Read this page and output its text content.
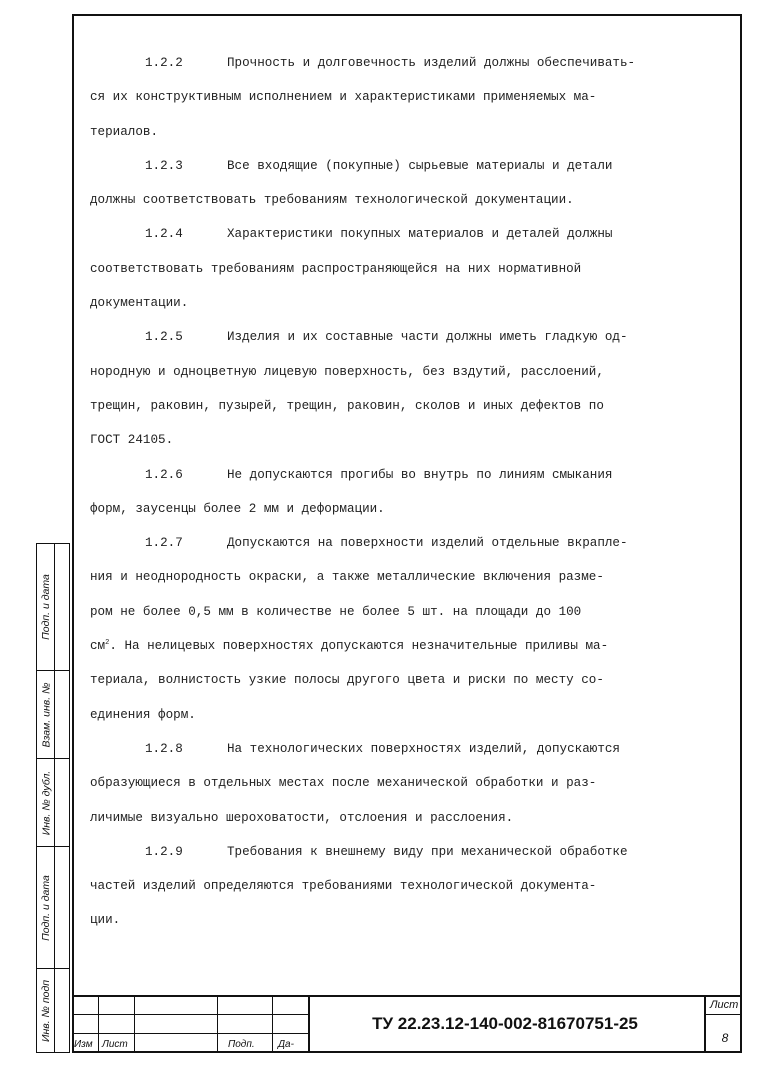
1.2.2	Прочность и долговечность изделий должны обеспечивать-
ся их конструктивным исполнением и характеристиками применяемых ма-
териалов.

1.2.3	Все входящие (покупные) сырьевые материалы и детали
должны соответствовать требованиям технологической документации.

1.2.4	Характеристики покупных материалов и деталей должны
соответствовать требованиям распространяющейся на них нормативной
документации.

1.2.5	Изделия и их составные части должны иметь гладкую од-
нородную и одноцветную лицевую поверхность, без вздутий, расслоений,
трещин, раковин, пузырей, трещин, раковин, сколов и иных дефектов по
ГОСТ 24105.

1.2.6	Не допускаются прогибы во внутрь по линиям смыкания
форм, заусенцы более 2 мм и деформации.

1.2.7	Допускаются на поверхности изделий отдельные вкрапле-
ния и неоднородность окраски, а также металлические включения разме-
ром не более 0,5 мм в количестве не более 5 шт. на площади до 100
$см^2$. На нелицевых поверхностях допускаются незначительные приливы ма-
териала, волнистость узкие полосы другого цвета и риски по месту со-
единения форм.

1.2.8	На технологических поверхностях изделий, допускаются
образующиеся в отдельных местах после механической обработки и раз-
личимые визуально шероховатости, отслоения и расслоения.

1.2.9	Требования к внешнему виду при механической обработке
частей изделий определяются требованиями технологической документа-
ции.

Изм Лист	Подп. Да-
Лист
ТУ 22.23.12-140-002-81670751-25
8
Подп. и дата
Взам. инв. №
Инв. № дубл.
Подп. и дата
Инв. № подп
